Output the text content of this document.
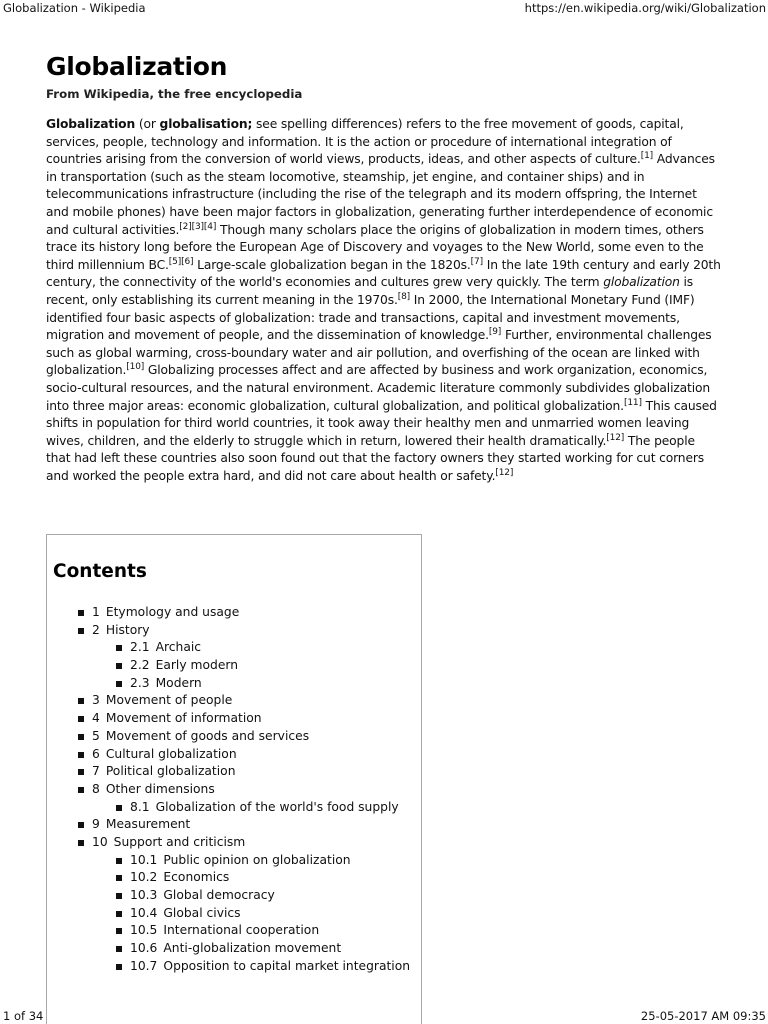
Globalization - Wikipedia	https://en.wikipedia.org/wiki/Globalization
Globalization
From Wikipedia, the free encyclopedia

Globalization (or globalisation; see spelling differences) refers to the free movement of goods, capital, services, people, technology and information. It is the action or procedure of international integration of countries arising from the conversion of world views, products, ideas, and other aspects of culture.[1] Advances in transportation (such as the steam locomotive, steamship, jet engine, and container ships) and in telecommunications infrastructure (including the rise of the telegraph and its modern offspring, the Internet and mobile phones) have been major factors in globalization, generating further interdependence of economic and cultural activities.[2][3][4] Though many scholars place the origins of globalization in modern times, others trace its history long before the European Age of Discovery and voyages to the New World, some even to the third millennium BC.[5][6] Large-scale globalization began in the 1820s.[7] In the late 19th century and early 20th century, the connectivity of the world's economies and cultures grew very quickly. The term globalization is recent, only establishing its current meaning in the 1970s.[8] In 2000, the International Monetary Fund (IMF) identified four basic aspects of globalization: trade and transactions, capital and investment movements, migration and movement of people, and the dissemination of knowledge.[9] Further, environmental challenges such as global warming, cross-boundary water and air pollution, and overfishing of the ocean are linked with globalization.[10] Globalizing processes affect and are affected by business and work organization, economics, socio-cultural resources, and the natural environment. Academic literature commonly subdivides globalization into three major areas: economic globalization, cultural globalization, and political globalization.[11] This caused shifts in population for third world countries, it took away their healthy men and unmarried women leaving wives, children, and the elderly to struggle which in return, lowered their health dramatically.[12] The people that had left these countries also soon found out that the factory owners they started working for cut corners and worked the people extra hard, and did not care about health or safety.[12]

Contents
1 Etymology and usage
2 History
2.1 Archaic
2.2 Early modern
2.3 Modern
3 Movement of people
4 Movement of information
5 Movement of goods and services
6 Cultural globalization
7 Political globalization
8 Other dimensions
8.1 Globalization of the world's food supply
9 Measurement
10 Support and criticism
10.1 Public opinion on globalization
10.2 Economics
10.3 Global democracy
10.4 Global civics
10.5 International cooperation
10.6 Anti-globalization movement
10.7 Opposition to capital market integration
1 of 34	25-05-2017 AM 09:35
